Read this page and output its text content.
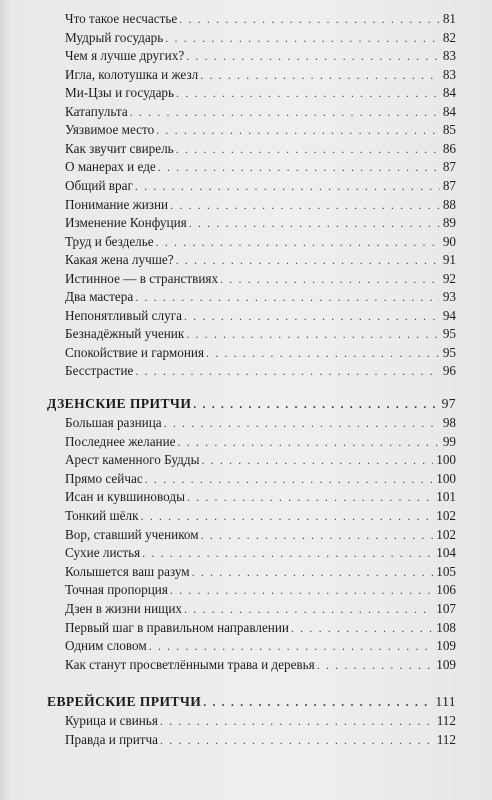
Что такое несчастье . . .	81
Мудрый государь . . .	82
Чем я лучше других? . . .	83
Игла, колотушка и жезл . . .	83
Ми-Цзы и государь . . .	84
Катапульта . . .	84
Уязвимое место . . .	85
Как звучит свирель . . .	86
О манерах и еде . . .	87
Общий враг . . .	87
Понимание жизни . . .	88
Изменение Конфуция . . .	89
Труд и безделье . . .	90
Какая жена лучше? . . .	91
Истинное — в странствиях . . .	92
Два мастера . . .	93
Непонятливый слуга . . .	94
Безнадёжный ученик . . .	95
Спокойствие и гармония . . .	95
Бесстрастие . . .	96
ДЗЕНСКИЕ ПРИТЧИ . . .	97
Большая разница . . .	98
Последнее желание . . .	99
Арест каменного Будды . . .	100
Прямо сейчас . . .	100
Исан и кувшиноводы . . .	101
Тонкий шёлк . . .	102
Вор, ставший учеником . . .	102
Сухие листья . . .	104
Колышется ваш разум . . .	105
Точная пропорция . . .	106
Дзен в жизни нищих . . .	107
Первый шаг в правильном направлении . . .	108
Одним словом . . .	109
Как станут просветлёнными трава и деревья . . .	109
ЕВРЕЙСКИЕ ПРИТЧИ . . .	111
Курица и свинья . . .	112
Правда и притча . . .	112
